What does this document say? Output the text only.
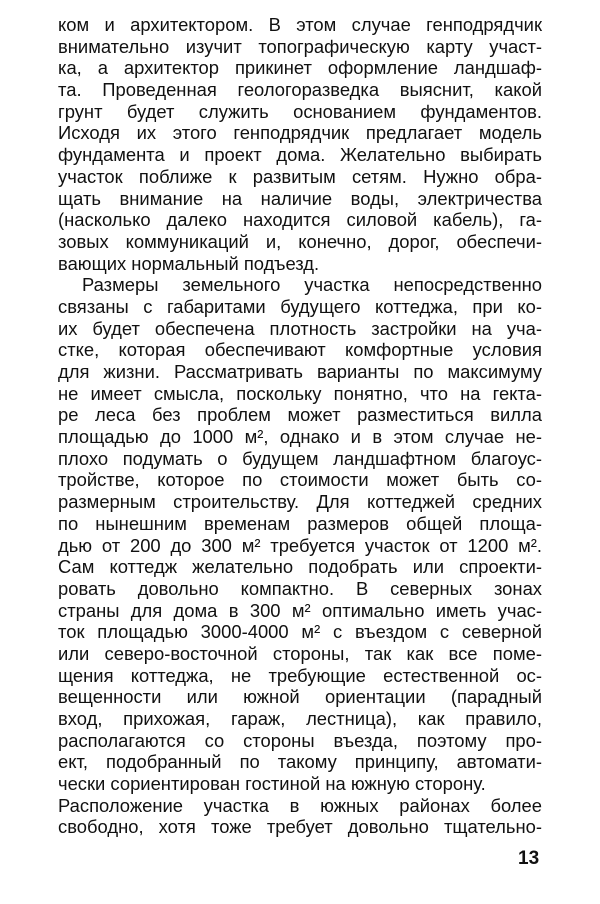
ком и архитектором. В этом случае генподрядчик
внимательно изучит топографическую карту участ-
ка, а архитектор прикинет оформление ландшаф-
та. Проведенная геологоразведка выяснит, какой
грунт будет служить основанием фундаментов.
Исходя их этого генподрядчик предлагает модель
фундамента и проект дома. Желательно выбирать
участок поближе к развитым сетям. Нужно обра-
щать внимание на наличие воды, электричества
(насколько далеко находится силовой кабель), га-
зовых коммуникаций и, конечно, дорог, обеспечи-
вающих нормальный подъезд.
Размеры земельного участка непосредственно
связаны с габаритами будущего коттеджа, при ко-
их будет обеспечена плотность застройки на уча-
стке, которая обеспечивают комфортные условия
для жизни. Рассматривать варианты по максимуму
не имеет смысла, поскольку понятно, что на гекта-
ре леса без проблем может разместиться вилла
площадью до 1000 м², однако и в этом случае не-
плохо подумать о будущем ландшафтном благоус-
тройстве, которое по стоимости может быть со-
размерным строительству. Для коттеджей средних
по нынешним временам размеров общей площа-
дью от 200 до 300 м² требуется участок от 1200 м².
Сам коттедж желательно подобрать или спроекти-
ровать довольно компактно. В северных зонах
страны для дома в 300 м² оптимально иметь учас-
ток площадью 3000-4000 м² с въездом с северной
или северо-восточной стороны, так как все поме-
щения коттеджа, не требующие естественной ос-
вещенности или южной ориентации (парадный
вход, прихожая, гараж, лестница), как правило,
располагаются со стороны въезда, поэтому про-
ект, подобранный по такому принципу, автомати-
чески сориентирован гостиной на южную сторону.
Расположение участка в южных районах более
свободно, хотя тоже требует довольно тщательно-
13
